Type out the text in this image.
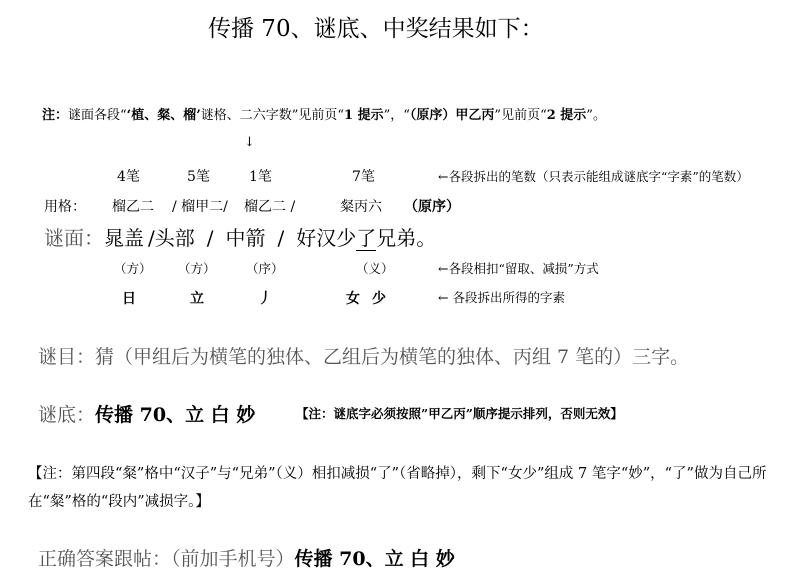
传播 70、谜底、中奖结果如下：
注：谜面各段“‘植、粲、榴’谜格、二六字数”见前页“1 提示”，“（原序）甲乙丙”见前页“2 提示”。
↓
4笔	5笔	1笔	7笔	←各段拆出的笔数（只表示能组成谜底字“字素”的笔数）
用格： 榴乙二 / 榴甲二/ 榴乙二 /	粲丙六 （原序）
谜面：晁盖 /头部 / 中箭 / 好汉少了兄弟。
（方） （方） （序）	（义）	←各段相扣“留取、减损”方式
日	立	丿	女 少	← 各段拆出所得的字素
谜目：猜（甲组后为横笔的独体、乙组后为横笔的独体、丙组 7 笔的）三字。
谜底：传播 70、立 白 妙	【注：谜底字必须按照”甲乙丙”顺序提示排列，否则无效】
【注：第四段“粲”格中“汉子”与“兄弟”（义）相扣减损“了”（省略掉），剩下“女少”组成 7 笔字“妙”，“了”做为自己所在“粲”格的“段内”减损字。】
正确答案跟帖：（前加手机号）传播 70、立 白 妙
